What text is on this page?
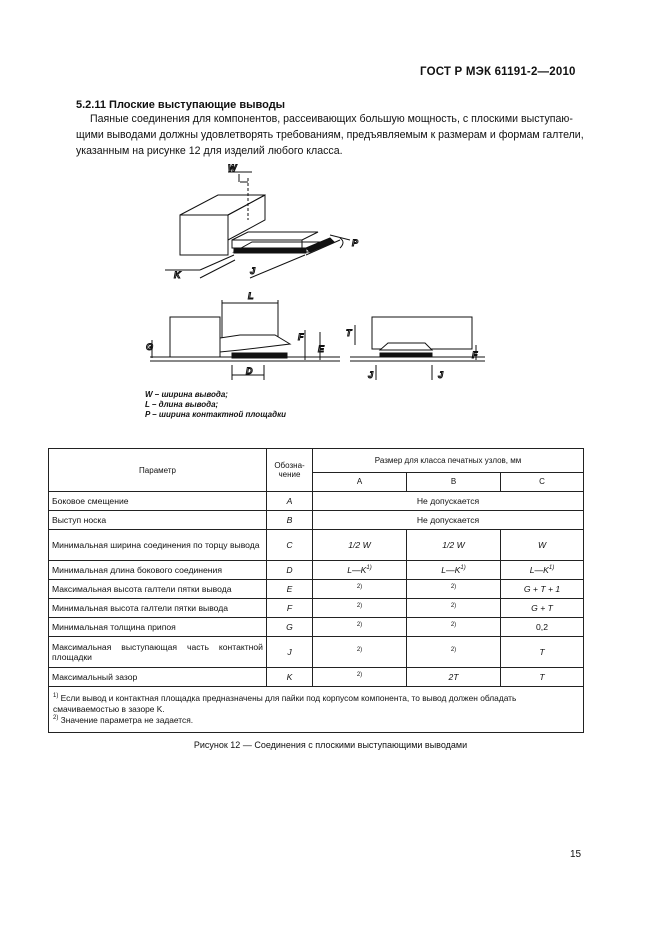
ГОСТ Р МЭК 61191-2—2010
5.2.11 Плоские выступающие выводы
Паяные соединения для компонентов, рассеивающих большую мощность, с плоскими выступаю-
щими выводами должны удовлетворять требованиям, предъявляемым к размерам и формам галтели,
указанным на рисунке 12 для изделий любого класса.
W
P
K	J
L
G
F
E
D
T
J	J
F
W – ширина вывода;
L – длина вывода;
P – ширина контактной площадки
Параметр	Обозна-чение	Размер для класса печатных узлов, мм		
		A	B	C
Боковое смещение	A	Не допускается		
Выступ носка	B	Не допускается		
Минимальная ширина соединения по торцу вывода	C	1/2 W	1/2 W	W
Минимальная длина бокового соединения	D	$L—K^{1)}$	$L—K^{1)}$	$L—K^{1)}$
Максимальная высота галтели пятки вывода	E	$^{2)}$	$^{2)}$	G + T + 1
Минимальная высота галтели пятки вывода	F	$^{2)}$	$^{2)}$	G + T
Минимальная толщина припоя	G	$^{2)}$	$^{2)}$	0,2
Максимальная выступающая часть контактной площадки	J	$^{2)}$	$^{2)}$	T
Максимальный зазор	K	$^{2)}$	2T	T

$^{1)}$ Если вывод и контактная площадка предназначены для пайки под корпусом компонента, то вывод должен обладать смачиваемостью в зазоре K.
$^{2)}$ Значение параметра не задается.				
Рисунок 12 — Соединения с плоскими выступающими выводами
15
